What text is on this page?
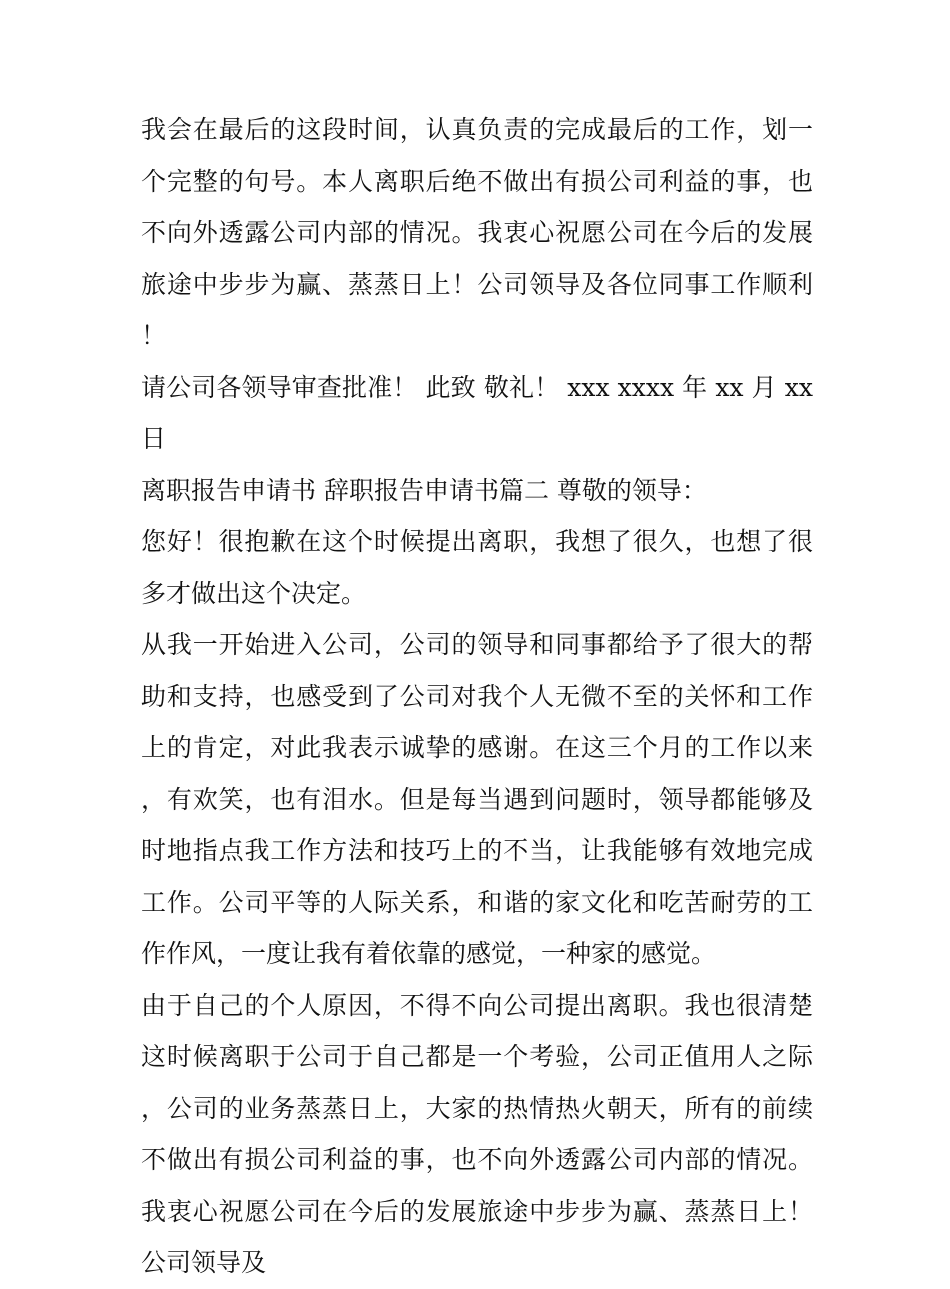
我会在最后的这段时间，认真负责的完成最后的工作，划一个完整的句号。本人离职后绝不做出有损公司利益的事，也不向外透露公司内部的情况。我衷心祝愿公司在今后的发展旅途中步步为赢、蒸蒸日上！公司领导及各位同事工作顺利！

请公司各领导审查批准！ 此致 敬礼！ xxx xxxx 年 xx 月 xx 日

离职报告申请书 辞职报告申请书篇二 尊敬的领导：

您好！很抱歉在这个时候提出离职，我想了很久，也想了很多才做出这个决定。

从我一开始进入公司，公司的领导和同事都给予了很大的帮助和支持，也感受到了公司对我个人无微不至的关怀和工作上的肯定，对此我表示诚挚的感谢。在这三个月的工作以来，有欢笑，也有泪水。但是每当遇到问题时，领导都能够及时地指点我工作方法和技巧上的不当，让我能够有效地完成工作。公司平等的人际关系，和谐的家文化和吃苦耐劳的工作作风，一度让我有着依靠的感觉，一种家的感觉。

由于自己的个人原因，不得不向公司提出离职。我也很清楚这时候离职于公司于自己都是一个考验，公司正值用人之际，公司的业务蒸蒸日上，大家的热情热火朝天，所有的前续不做出有损公司利益的事，也不向外透露公司内部的情况。我衷心祝愿公司在今后的发展旅途中步步为赢、蒸蒸日上！公司领导及
